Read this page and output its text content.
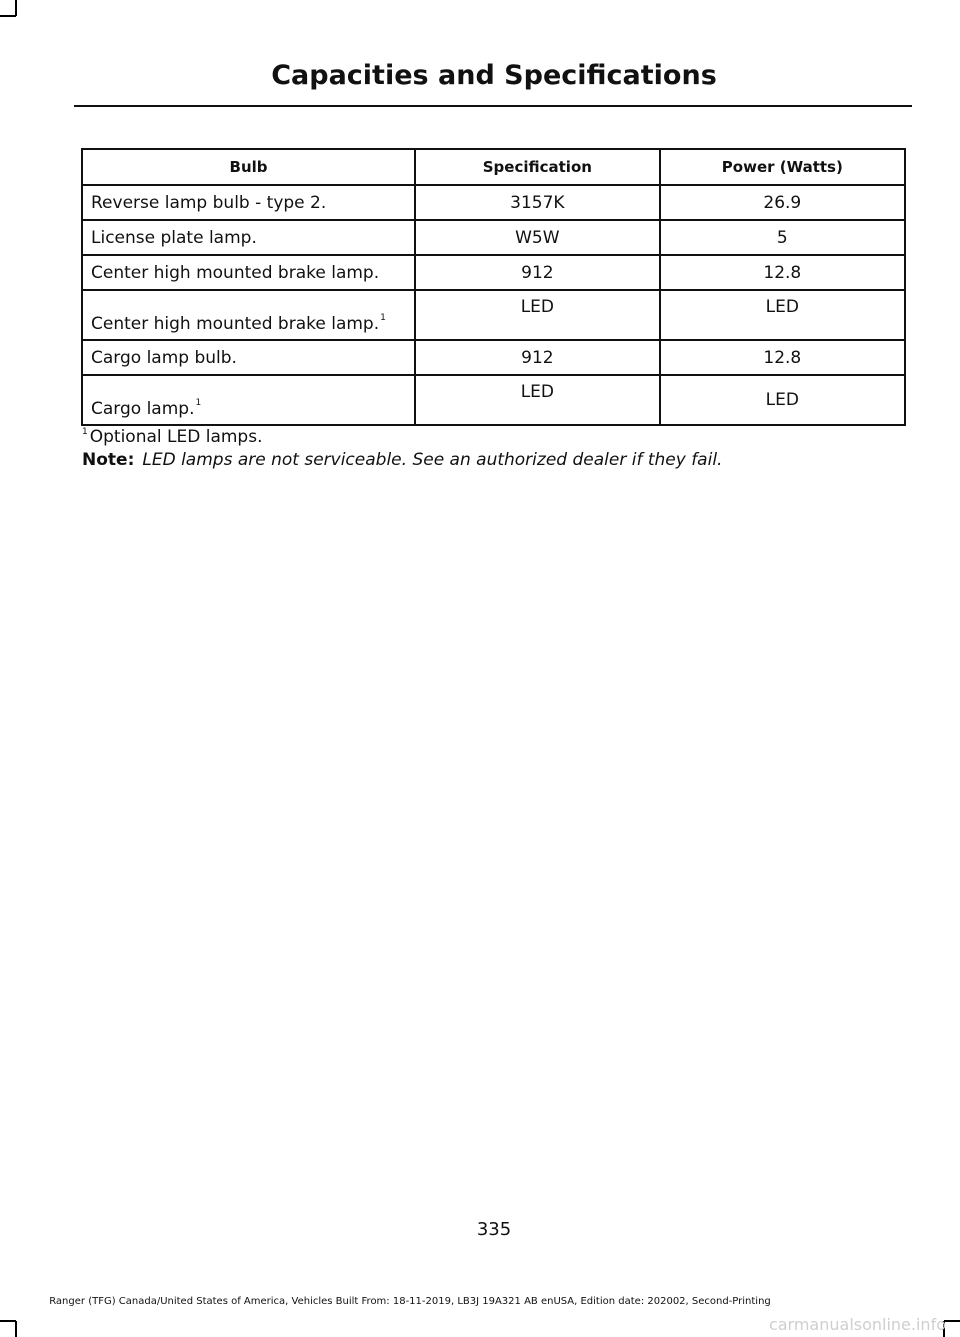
Capacities and Specifications
Bulb	Specification	Power (Watts)
Reverse lamp bulb - type 2.	3157K	26.9
License plate lamp.	W5W	5
Center high mounted brake lamp.	912	12.8
Center high mounted brake lamp.$^1$	LED	LED
Cargo lamp bulb.	912	12.8
Cargo lamp.$^1$	LED	LED
$^1$ Optional LED lamps.
Note: LED lamps are not serviceable. See an authorized dealer if they fail.
335
Ranger (TFG) Canada/United States of America, Vehicles Built From: 18-11-2019, LB3J 19A321 AB enUSA, Edition date: 202002, Second-Printing
carmanualsonline.info
